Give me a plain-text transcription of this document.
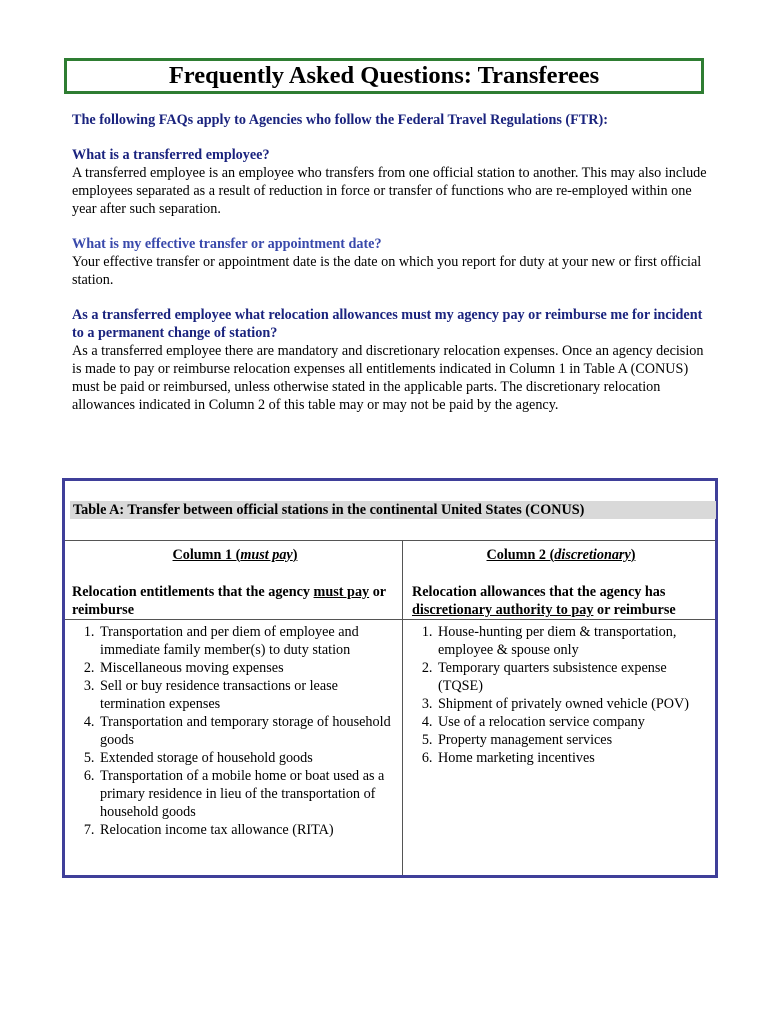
Frequently Asked Questions: Transferees
The following FAQs apply to Agencies who follow the Federal Travel Regulations (FTR):
What is a transferred employee?
A transferred employee is an employee who transfers from one official station to another. This may also include employees separated as a result of reduction in force or transfer of functions who are re-employed within one year after such separation.
What is my effective transfer or appointment date?
Your effective transfer or appointment date is the date on which you report for duty at your new or first official station.
As a transferred employee what relocation allowances must my agency pay or reimburse me for incident to a permanent change of station?
As a transferred employee there are mandatory and discretionary relocation expenses. Once an agency decision is made to pay or reimburse relocation expenses all entitlements indicated in Column 1 in Table A (CONUS) must be paid or reimbursed, unless otherwise stated in the applicable parts. The discretionary relocation allowances indicated in Column 2 of this table may or may not be paid by the agency.
Table A: Transfer between official stations in the continental United States (CONUS)
Column 1 (must pay)	Column 2 (discretionary)
Relocation entitlements that the agency must pay or reimburse
Relocation allowances that the agency has discretionary authority to pay or reimburse
1. Transportation and per diem of employee and immediate family member(s) to duty station
2. Miscellaneous moving expenses
3. Sell or buy residence transactions or lease termination expenses
4. Transportation and temporary storage of household goods
5. Extended storage of household goods
6. Transportation of a mobile home or boat used as a primary residence in lieu of the transportation of household goods
7. Relocation income tax allowance (RITA)
1. House-hunting per diem & transportation, employee & spouse only
2. Temporary quarters subsistence expense (TQSE)
3. Shipment of privately owned vehicle (POV)
4. Use of a relocation service company
5. Property management services
6. Home marketing incentives
